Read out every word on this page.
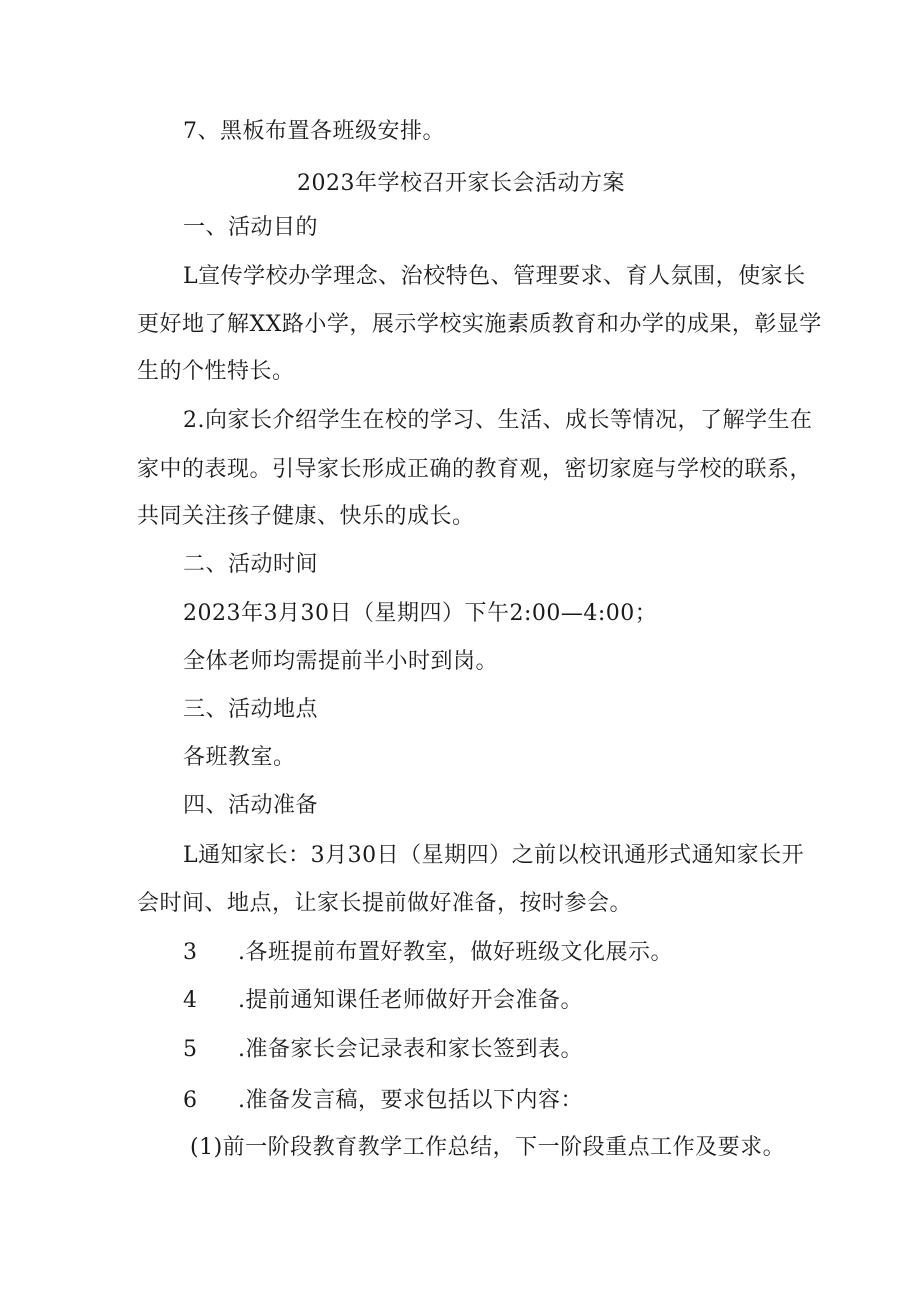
7、黑板布置各班级安排。
2023年学校召开家长会活动方案
一、活动目的
L宣传学校办学理念、治校特色、管理要求、育人氛围，使家长
更好地了解XX路小学，展示学校实施素质教育和办学的成果，彰显学
生的个性特长。
2.向家长介绍学生在校的学习、生活、成长等情况，了解学生在
家中的表现。引导家长形成正确的教育观，密切家庭与学校的联系，
共同关注孩子健康、快乐的成长。
二、活动时间
2023年3月30日（星期四）下午2:00—4:00；
全体老师均需提前半小时到岗。
三、活动地点
各班教室。
四、活动准备
L通知家长：3月30日（星期四）之前以校讯通形式通知家长开
会时间、地点，让家长提前做好准备，按时参会。
3 .各班提前布置好教室，做好班级文化展示。
4 .提前通知课任老师做好开会准备。
5 .准备家长会记录表和家长签到表。
6 .准备发言稿，要求包括以下内容：
(1)前一阶段教育教学工作总结，下一阶段重点工作及要求。
